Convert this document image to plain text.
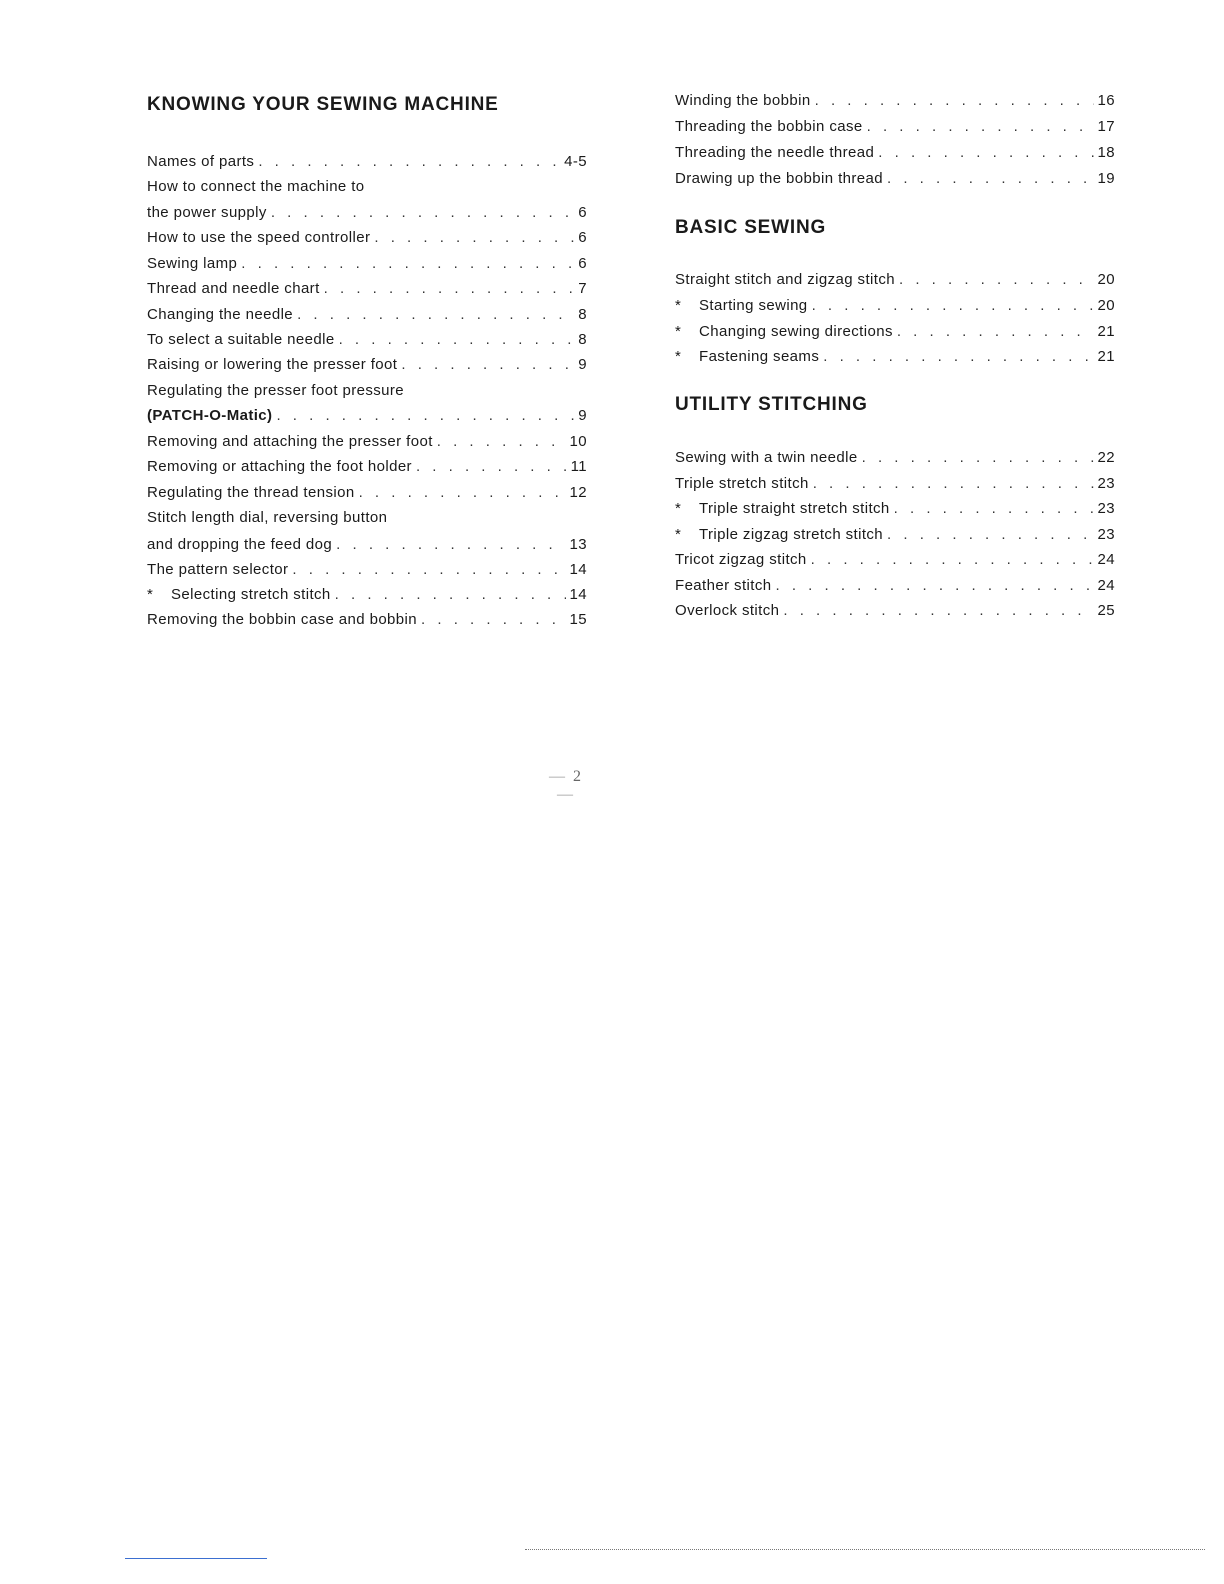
KNOWING YOUR SEWING MACHINE
Names of parts . . .	4-5
How to connect the machine to
the power supply . . .	6
How to use the speed controller . . .	6
Sewing lamp . . .	6
Thread and needle chart . . .	7
Changing the needle . . .	8
To select a suitable needle . . .	8
Raising or lowering the presser foot . . .	9
Regulating the presser foot pressure
(PATCH-O-Matic) . . .	9
Removing and attaching the presser foot . . .	10
Removing or attaching the foot holder . . .	11
Regulating the thread tension . . .	12
Stitch length dial, reversing button
and dropping the feed dog . . .	13
The pattern selector . . .	14
*	Selecting stretch stitch . . .	14
Removing the bobbin case and bobbin . . .	15
Winding the bobbin . . .	16
Threading the bobbin case . . .	17
Threading the needle thread . . .	18
Drawing up the bobbin thread . . .	19
BASIC SEWING
Straight stitch and zigzag stitch . . .	20
*	Starting sewing . . .	20
*	Changing sewing directions . . .	21
*	Fastening seams . . .	21
UTILITY STITCHING
Sewing with a twin needle . . .	22
Triple stretch stitch . . .	23
*	Triple straight stretch stitch . . .	23
*	Triple zigzag stretch stitch . . .	23
Tricot zigzag stitch . . .	24
Feather stitch . . .	24
Overlock stitch . . .	25
— 2 —
